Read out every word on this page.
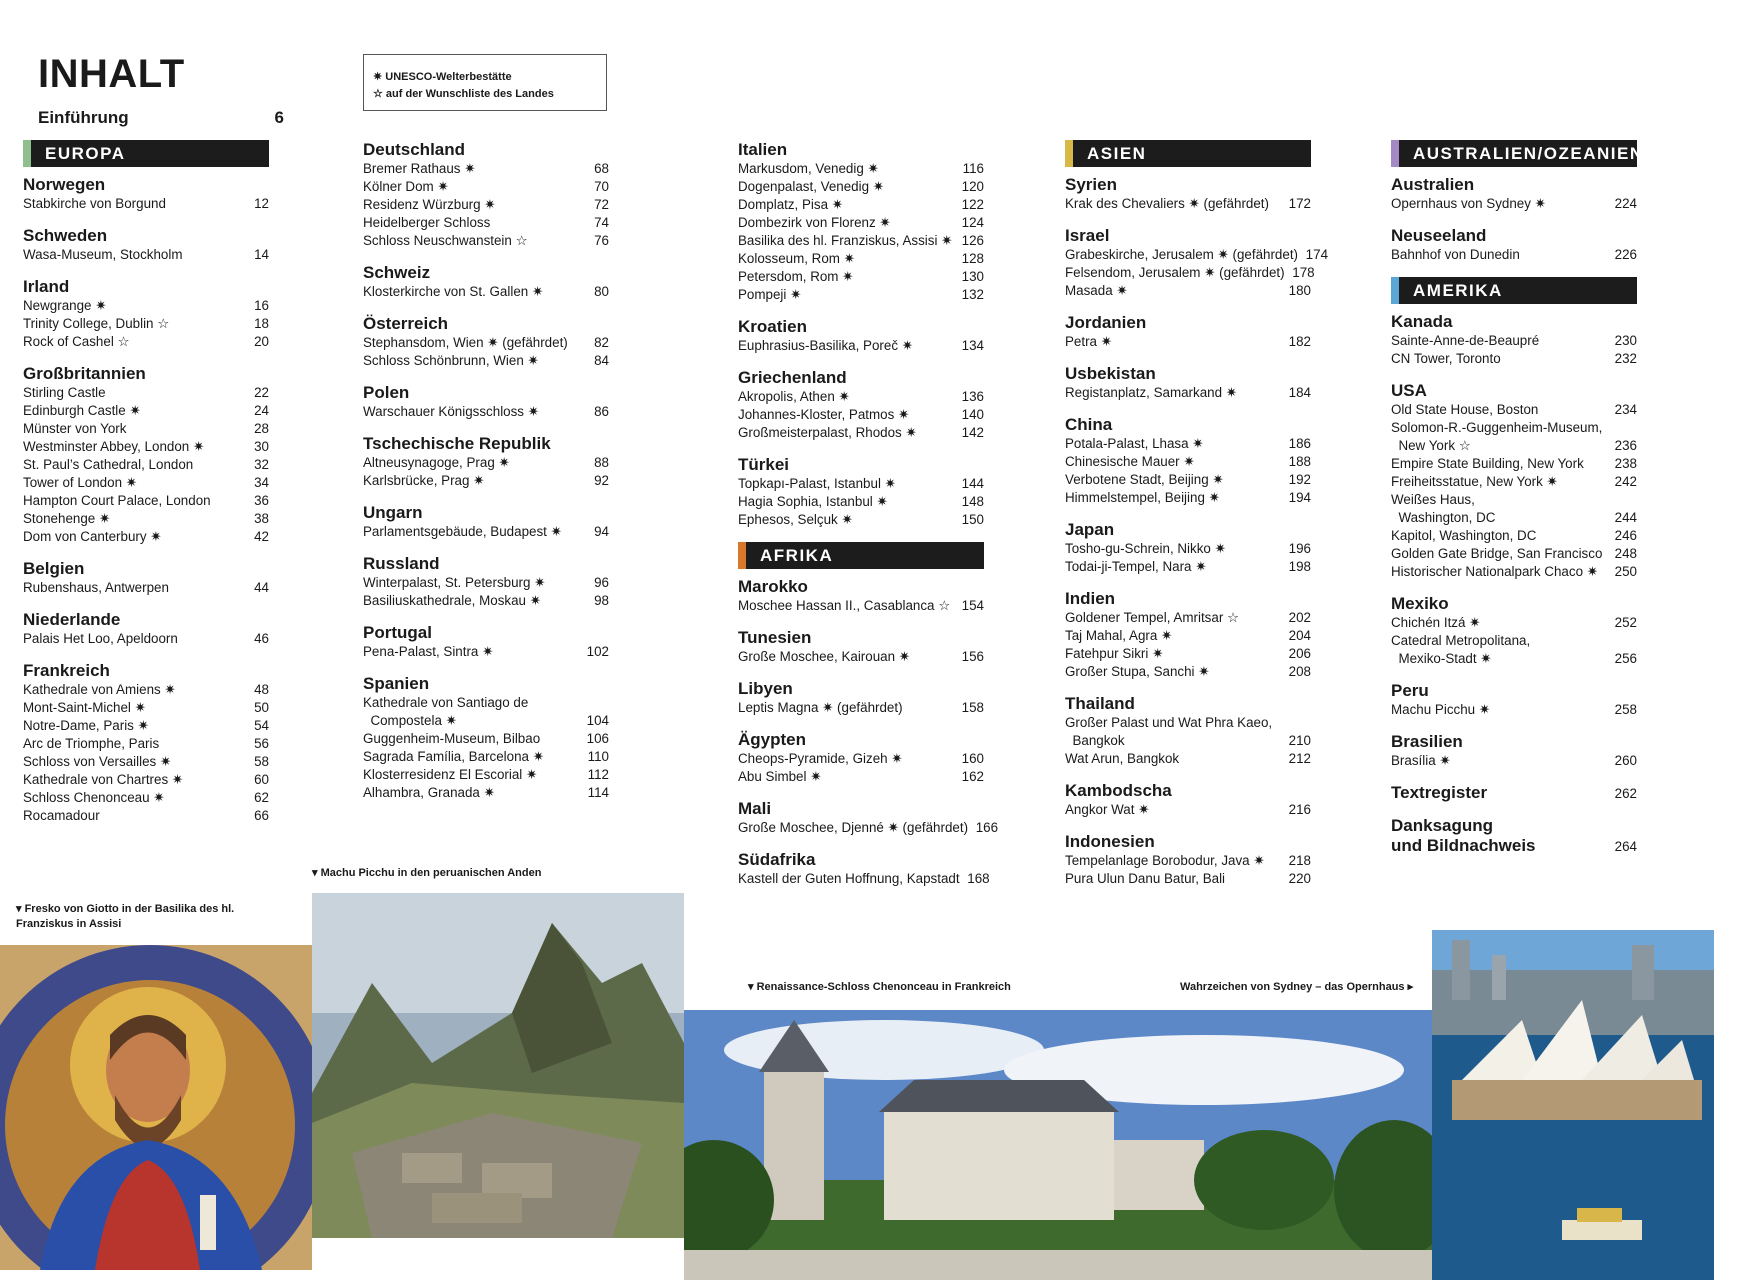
INHALT
Einführung	6
✷ UNESCO-Welterbestätte
☆ auf der Wunschliste des Landes
EUROPA
Norwegen
Stabkirche von Borgund	12
Schweden
Wasa-Museum, Stockholm	14
Irland
Newgrange ✷	16
Trinity College, Dublin ☆	18
Rock of Cashel ☆	20
Großbritannien
Stirling Castle	22
Edinburgh Castle ✷	24
Münster von York	28
Westminster Abbey, London ✷	30
St. Paul’s Cathedral, London	32
Tower of London ✷	34
Hampton Court Palace, London	36
Stonehenge ✷	38
Dom von Canterbury ✷	42
Belgien
Rubenshaus, Antwerpen	44
Niederlande
Palais Het Loo, Apeldoorn	46
Frankreich
Kathedrale von Amiens ✷	48
Mont-Saint-Michel ✷	50
Notre-Dame, Paris ✷	54
Arc de Triomphe, Paris	56
Schloss von Versailles ✷	58
Kathedrale von Chartres ✷	60
Schloss Chenonceau ✷	62
Rocamadour	66
Deutschland
Bremer Rathaus ✷	68
Kölner Dom ✷	70
Residenz Würzburg ✷	72
Heidelberger Schloss	74
Schloss Neuschwanstein ☆	76
Schweiz
Klosterkirche von St. Gallen ✷	80
Österreich
Stephansdom, Wien ✷ (gefährdet)	82
Schloss Schönbrunn, Wien ✷	84
Polen
Warschauer Königsschloss ✷	86
Tschechische Republik
Altneusynagoge, Prag ✷	88
Karlsbrücke, Prag ✷	92
Ungarn
Parlamentsgebäude, Budapest ✷	94
Russland
Winterpalast, St. Petersburg ✷	96
Basiliuskathedrale, Moskau ✷	98
Portugal
Pena-Palast, Sintra ✷	102
Spanien
Kathedrale von Santiago de
Compostela ✷	104
Guggenheim-Museum, Bilbao	106
Sagrada Família, Barcelona ✷	110
Klosterresidenz El Escorial ✷	112
Alhambra, Granada ✷	114
Italien
Markusdom, Venedig ✷	116
Dogenpalast, Venedig ✷	120
Domplatz, Pisa ✷	122
Dombezirk von Florenz ✷	124
Basilika des hl. Franziskus, Assisi ✷ 126
Kolosseum, Rom ✷	128
Petersdom, Rom ✷	130
Pompeji ✷	132
Kroatien
Euphrasius-Basilika, Poreč ✷	134
Griechenland
Akropolis, Athen ✷	136
Johannes-Kloster, Patmos ✷	140
Großmeisterpalast, Rhodos ✷	142
Türkei
Topkapı-Palast, Istanbul ✷	144
Hagia Sophia, Istanbul ✷	148
Ephesos, Selçuk ✷	150
AFRIKA
Marokko
Moschee Hassan II., Casablanca ☆ 154
Tunesien
Große Moschee, Kairouan ✷	156
Libyen
Leptis Magna ✷ (gefährdet)	158
Ägypten
Cheops-Pyramide, Gizeh ✷	160
Abu Simbel ✷	162
Mali
Große Moschee, Djenné ✷ (gefährdet) 166
Südafrika
Kastell der Guten Hoffnung, Kapstadt 168
ASIEN
Syrien
Krak des Chevaliers ✷ (gefährdet)	172
Israel
Grabeskirche, Jerusalem ✷ (gefährdet) 174
Felsendom, Jerusalem ✷ (gefährdet) 178
Masada ✷	180
Jordanien
Petra ✷	182
Usbekistan
Registanplatz, Samarkand ✷	184
China
Potala-Palast, Lhasa ✷	186
Chinesische Mauer ✷	188
Verbotene Stadt, Beijing ✷	192
Himmelstempel, Beijing ✷	194
Japan
Tosho-gu-Schrein, Nikko ✷	196
Todai-ji-Tempel, Nara ✷	198
Indien
Goldener Tempel, Amritsar ☆	202
Taj Mahal, Agra ✷	204
Fatehpur Sikri ✷	206
Großer Stupa, Sanchi ✷	208
Thailand
Großer Palast und Wat Phra Kaeo,
Bangkok	210
Wat Arun, Bangkok	212
Kambodscha
Angkor Wat ✷	216
Indonesien
Tempelanlage Borobodur, Java ✷	218
Pura Ulun Danu Batur, Bali	220
AUSTRALIEN/OZEANIEN
Australien
Opernhaus von Sydney ✷	224
Neuseeland
Bahnhof von Dunedin	226
AMERIKA
Kanada
Sainte-Anne-de-Beaupré	230
CN Tower, Toronto	232
USA
Old State House, Boston	234
Solomon-R.-Guggenheim-Museum,
New York ☆	236
Empire State Building, New York	238
Freiheitsstatue, New York ✷	242
Weißes Haus,
Washington, DC	244
Kapitol, Washington, DC	246
Golden Gate Bridge, San Francisco 248
Historischer Nationalpark Chaco ✷	250
Mexiko
Chichén Itzá ✷	252
Catedral Metropolitana,
Mexiko-Stadt ✷	256
Peru
Machu Picchu ✷	258
Brasilien
Brasília ✷	260
Textregister	262
Danksagung
und Bildnachweis	264
▾ Fresko von Giotto in der Basilika des hl. Franziskus in Assisi
▾ Machu Picchu in den peruanischen Anden
▾ Renaissance-Schloss Chenonceau in Frankreich	Wahrzeichen von Sydney – das Opernhaus ▸
